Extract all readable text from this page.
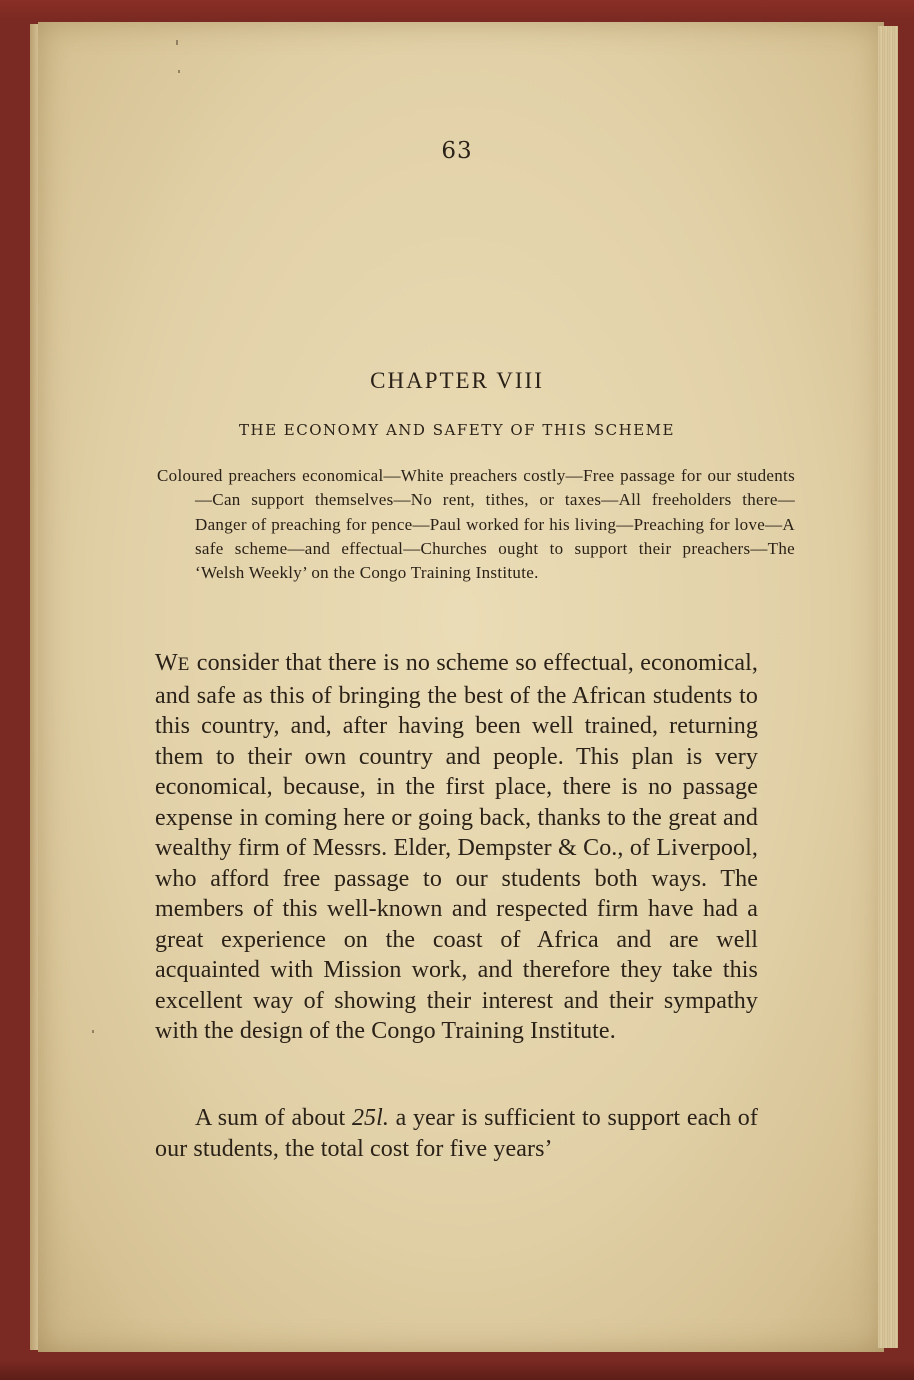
63
CHAPTER VIII
THE ECONOMY AND SAFETY OF THIS SCHEME
Coloured preachers economical—White preachers costly—Free passage for our students—Can support themselves—No rent, tithes, or taxes—All freeholders there—Danger of preaching for pence—Paul worked for his living—Preaching for love—A safe scheme—and effectual—Churches ought to support their preachers—The ‘Welsh Weekly’ on the Congo Training Institute.
WE consider that there is no scheme so effectual, economical, and safe as this of bringing the best of the African students to this country, and, after having been well trained, returning them to their own country and people. This plan is very economical, because, in the first place, there is no passage expense in coming here or going back, thanks to the great and wealthy firm of Messrs. Elder, Dempster & Co., of Liverpool, who afford free passage to our students both ways. The members of this well-known and respected firm have had a great experience on the coast of Africa and are well acquainted with Mission work, and therefore they take this excellent way of showing their interest and their sympathy with the design of the Congo Training Institute.
A sum of about 25l. a year is sufficient to support each of our students, the total cost for five years’
